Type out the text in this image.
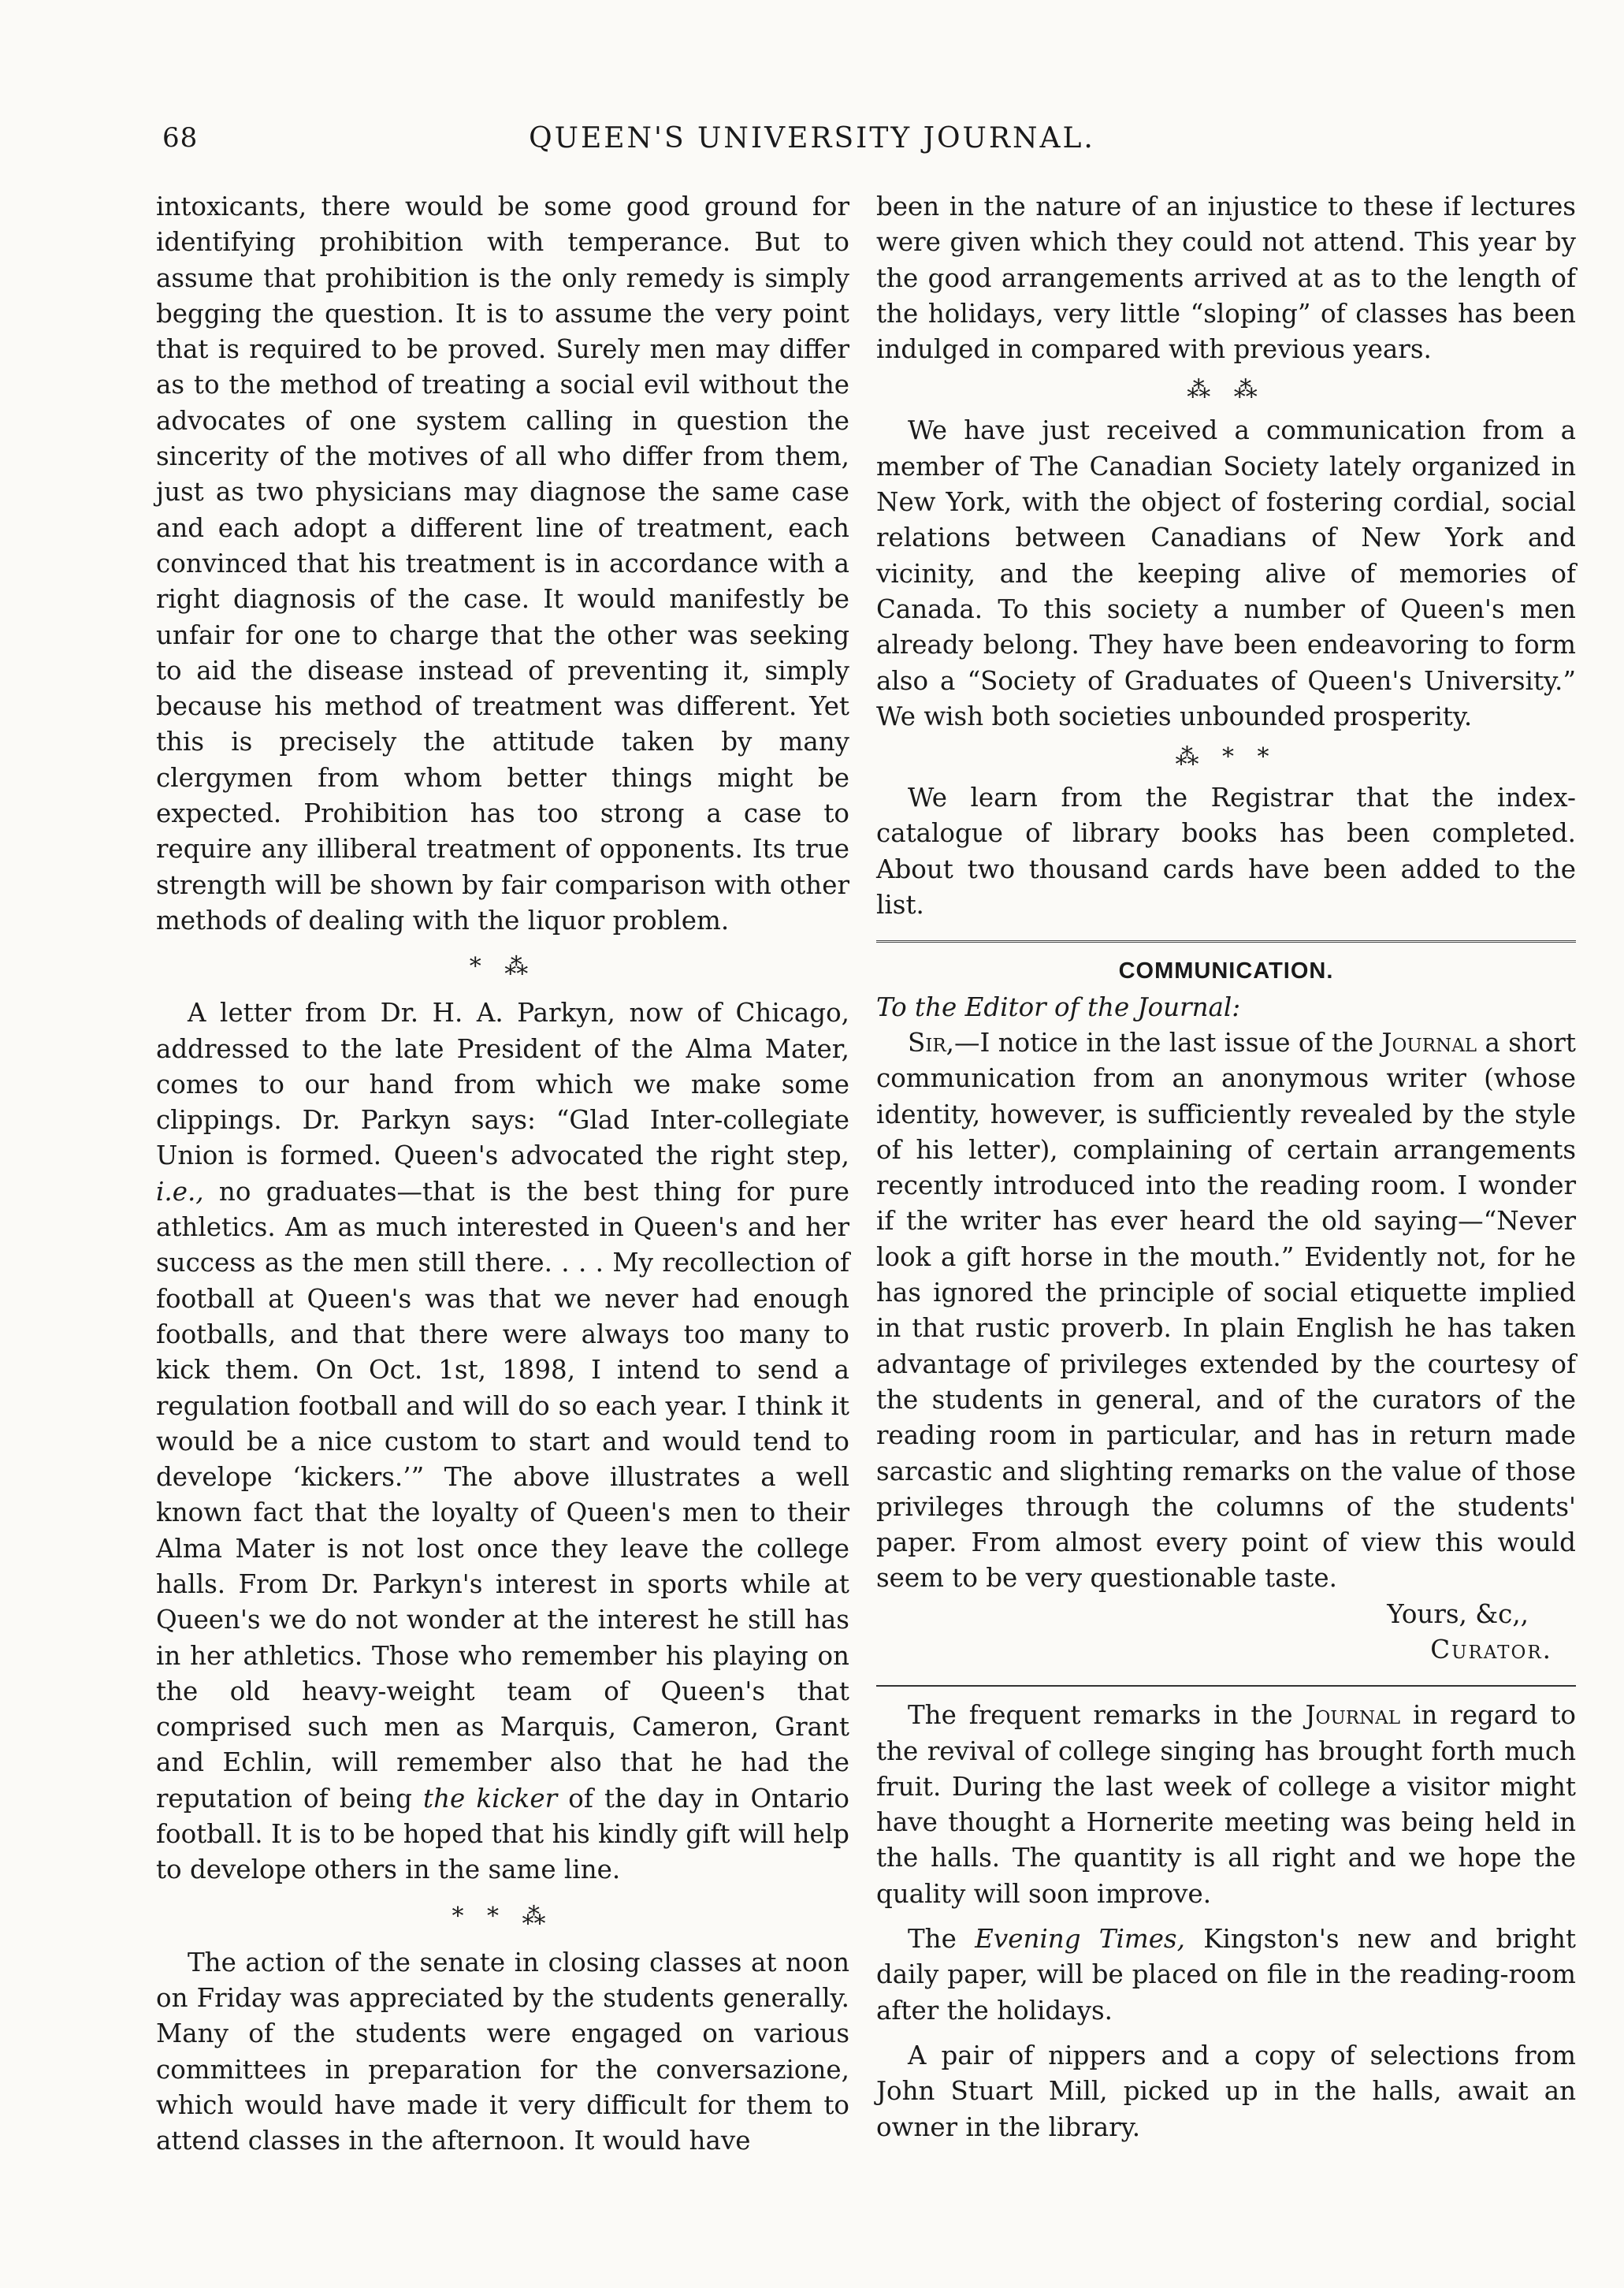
68	QUEEN'S UNIVERSITY JOURNAL.

intoxicants, there would be some good ground for identifying prohibition with temperance. But to assume that prohibition is the only remedy is simply begging the question. It is to assume the very point that is required to be proved. Surely men may differ as to the method of treating a social evil without the advocates of one system calling in question the sincerity of the motives of all who differ from them, just as two physicians may diagnose the same case and each adopt a different line of treatment, each convinced that his treatment is in accordance with a right diagnosis of the case. It would manifestly be unfair for one to charge that the other was seeking to aid the disease instead of preventing it, simply because his method of treatment was different. Yet this is precisely the attitude taken by many clergymen from whom better things might be expected. Prohibition has too strong a case to require any illiberal treatment of opponents. Its true strength will be shown by fair comparison with other methods of dealing with the liquor problem.

* ⁂

A letter from Dr. H. A. Parkyn, now of Chicago, addressed to the late President of the Alma Mater, comes to our hand from which we make some clippings. Dr. Parkyn says: “Glad Inter-collegiate Union is formed. Queen's advocated the right step, i.e., no graduates—that is the best thing for pure athletics. Am as much interested in Queen's and her success as the men still there. . . . My recollection of football at Queen's was that we never had enough footballs, and that there were always too many to kick them. On Oct. 1st, 1898, I intend to send a regulation football and will do so each year. I think it would be a nice custom to start and would tend to develope ‘kickers.’” The above illustrates a well known fact that the loyalty of Queen's men to their Alma Mater is not lost once they leave the college halls. From Dr. Parkyn's interest in sports while at Queen's we do not wonder at the interest he still has in her athletics. Those who remember his playing on the old heavy-weight team of Queen's that comprised such men as Marquis, Cameron, Grant and Echlin, will remember also that he had the reputation of being the kicker of the day in Ontario football. It is to be hoped that his kindly gift will help to develope others in the same line.

* * ⁂

The action of the senate in closing classes at noon on Friday was appreciated by the students generally. Many of the students were engaged on various committees in preparation for the conversazione, which would have made it very difficult for them to attend classes in the afternoon. It would have

been in the nature of an injustice to these if lectures were given which they could not attend. This year by the good arrangements arrived at as to the length of the holidays, very little “sloping” of classes has been indulged in compared with previous years.

⁂ ⁂

We have just received a communication from a member of The Canadian Society lately organized in New York, with the object of fostering cordial, social relations between Canadians of New York and vicinity, and the keeping alive of memories of Canada. To this society a number of Queen's men already belong. They have been endeavoring to form also a “Society of Graduates of Queen's University.” We wish both societies unbounded prosperity.

⁂ * *

We learn from the Registrar that the index-catalogue of library books has been completed. About two thousand cards have been added to the list.

COMMUNICATION.

To the Editor of the Journal:

Sir,—I notice in the last issue of the Journal a short communication from an anonymous writer (whose identity, however, is sufficiently revealed by the style of his letter), complaining of certain arrangements recently introduced into the reading room. I wonder if the writer has ever heard the old saying—“Never look a gift horse in the mouth.” Evidently not, for he has ignored the principle of social etiquette implied in that rustic proverb. In plain English he has taken advantage of privileges extended by the courtesy of the students in general, and of the curators of the reading room in particular, and has in return made sarcastic and slighting remarks on the value of those privileges through the columns of the students' paper. From almost every point of view this would seem to be very questionable taste.

Yours, &c,,
Curator.

The frequent remarks in the Journal in regard to the revival of college singing has brought forth much fruit. During the last week of college a visitor might have thought a Hornerite meeting was being held in the halls. The quantity is all right and we hope the quality will soon improve.

The Evening Times, Kingston's new and bright daily paper, will be placed on file in the reading-room after the holidays.

A pair of nippers and a copy of selections from John Stuart Mill, picked up in the halls, await an owner in the library.
